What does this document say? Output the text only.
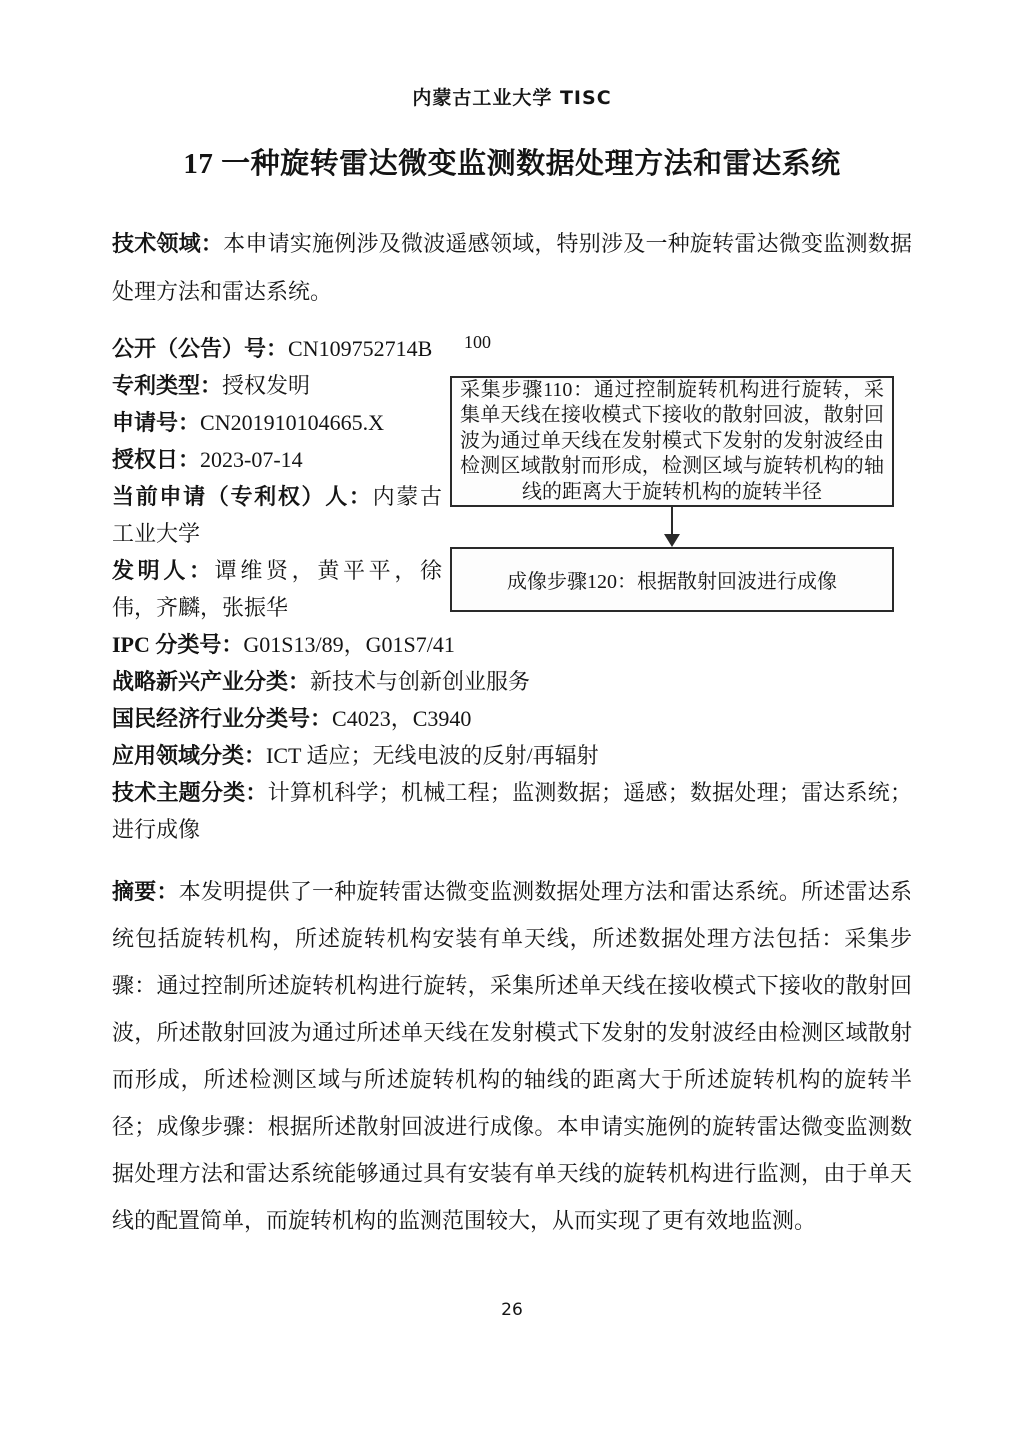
内蒙古工业大学 TISC
17 一种旋转雷达微变监测数据处理方法和雷达系统

技术领域：本申请实施例涉及微波遥感领域，特别涉及一种旋转雷达微变监测数据处理方法和雷达系统。

100
采集步骤110：通过控制旋转机构进行旋转，采集单天线在接收模式下接收的散射回波，散射回波为通过单天线在发射模式下发射的发射波经由检测区域散射而形成，检测区域与旋转机构的轴线的距离大于旋转机构的旋转半径
成像步骤120：根据散射回波进行成像

公开（公告）号：CN109752714B

专利类型：授权发明

申请号：CN201910104665.X

授权日：2023-07-14

当前申请（专利权）人：内蒙古工业大学

发明人：谭维贤，黄平平，徐伟，齐麟，张振华

IPC 分类号：G01S13/89，G01S7/41

战略新兴产业分类：新技术与创新创业服务

国民经济行业分类号：C4023，C3940

应用领域分类：ICT 适应；无线电波的反射/再辐射

技术主题分类：计算机科学；机械工程；监测数据；遥感；数据处理；雷达系统；进行成像

摘要：本发明提供了一种旋转雷达微变监测数据处理方法和雷达系统。所述雷达系统包括旋转机构，所述旋转机构安装有单天线，所述数据处理方法包括：采集步骤：通过控制所述旋转机构进行旋转，采集所述单天线在接收模式下接收的散射回波，所述散射回波为通过所述单天线在发射模式下发射的发射波经由检测区域散射而形成，所述检测区域与所述旋转机构的轴线的距离大于所述旋转机构的旋转半径；成像步骤：根据所述散射回波进行成像。本申请实施例的旋转雷达微变监测数据处理方法和雷达系统能够通过具有安装有单天线的旋转机构进行监测，由于单天线的配置简单，而旋转机构的监测范围较大，从而实现了更有效地监测。

26
